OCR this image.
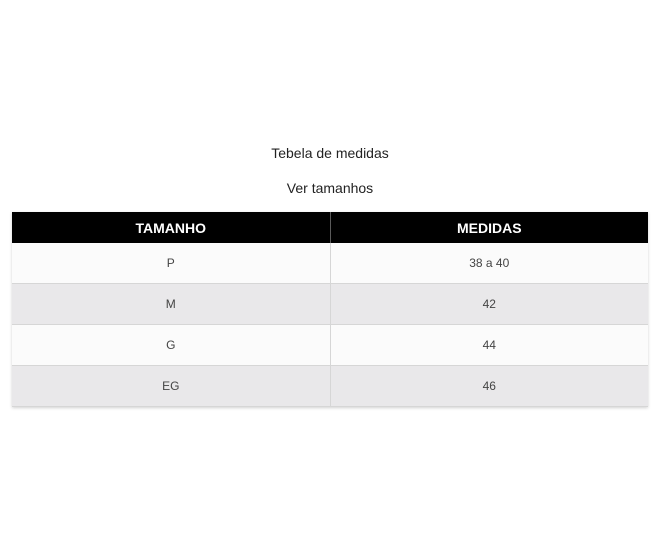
Tebela de medidas
Ver tamanhos
TAMANHO	MEDIDAS
P	38 a 40
M	42
G	44
EG	46
